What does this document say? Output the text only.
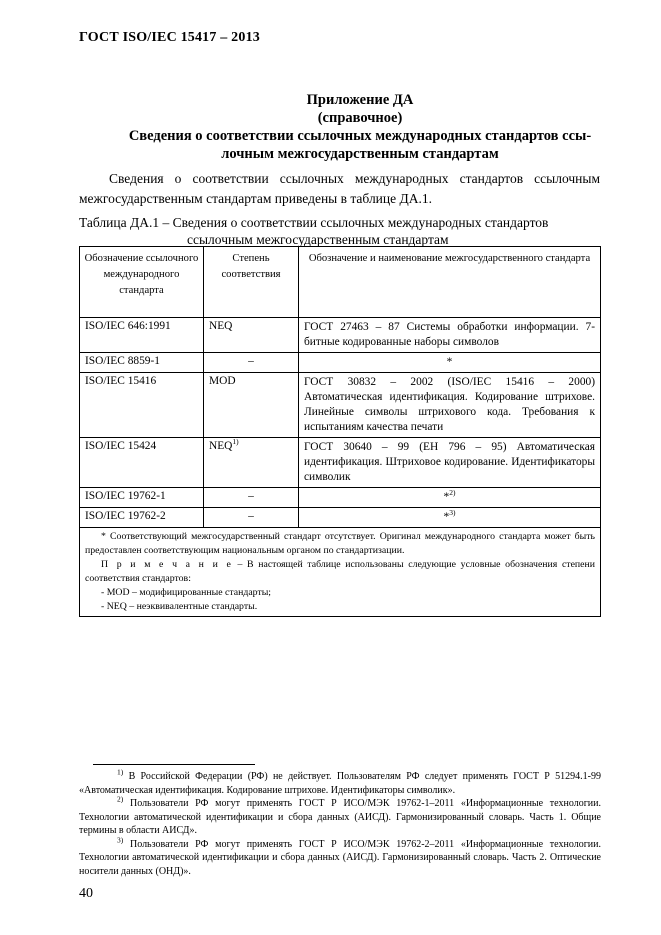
ГОСТ ISO/IEC 15417 – 2013
Приложение ДА
(справочное)
Сведения о соответствии ссылочных международных стандартов ссы-
лочным межгосударственным стандартам
Сведения о соответствии ссылочных международных стандартов ссылочным
межгосударственным стандартам приведены в таблице ДА.1.
Таблица ДА.1 – Сведения о соответствии ссылочных международных стандартов
ссылочным межгосударственным стандартам
Обозначение ссылочного международного стандарта	Степень соответствия	Обозначение и наименование межгосударственного стандарта
ISO/IEC 646:1991	NEQ	ГОСТ 27463 – 87 Системы обработки информации. 7-битные кодированные наборы символов
ISO/IEC 8859-1	–	*
ISO/IEC 15416	MOD	ГОСТ 30832 – 2002 (ISO/IEC 15416 – 2000) Автоматическая идентификация. Кодирование штрихове. Линейные символы штрихового кода. Требования к испытаниям качества печати
ISO/IEC 15424	NEQ$^{1)}$	ГОСТ 30640 – 99 (ЕН 796 – 95) Автоматическая идентификация. Штриховое кодирование. Идентификаторы символик
ISO/IEC 19762-1	–	*$^{2)}$
ISO/IEC 19762-2	–	*$^{3)}$

* Соответствующий межгосударственный стандарт отсутствует. Оригинал международного стандарта может быть предоставлен соответствующим национальным органом по стандартизации.

П р и м е ч а н и е – В настоящей таблице использованы следующие условные обозначения степени соответствия стандартов:

- MOD – модифицированные стандарты;

- NEQ – неэквивалентные стандарты.		

$^{1)}$ В Российской Федерации (РФ) не действует. Пользователям РФ следует применять ГОСТ Р 51294.1-99 «Автоматическая идентификация. Кодирование штрихове. Идентификаторы символик».

$^{2)}$ Пользователи РФ могут применять ГОСТ Р ИСО/МЭК 19762-1–2011 «Информационные технологии. Технологии автоматической идентификации и сбора данных (АИСД). Гармонизированный словарь. Часть 1. Общие термины в области АИСД».

$^{3)}$ Пользователи РФ могут применять ГОСТ Р ИСО/МЭК 19762-2–2011 «Информационные технологии. Технологии автоматической идентификации и сбора данных (АИСД). Гармонизированный словарь. Часть 2. Оптические носители данных (ОНД)».

40
